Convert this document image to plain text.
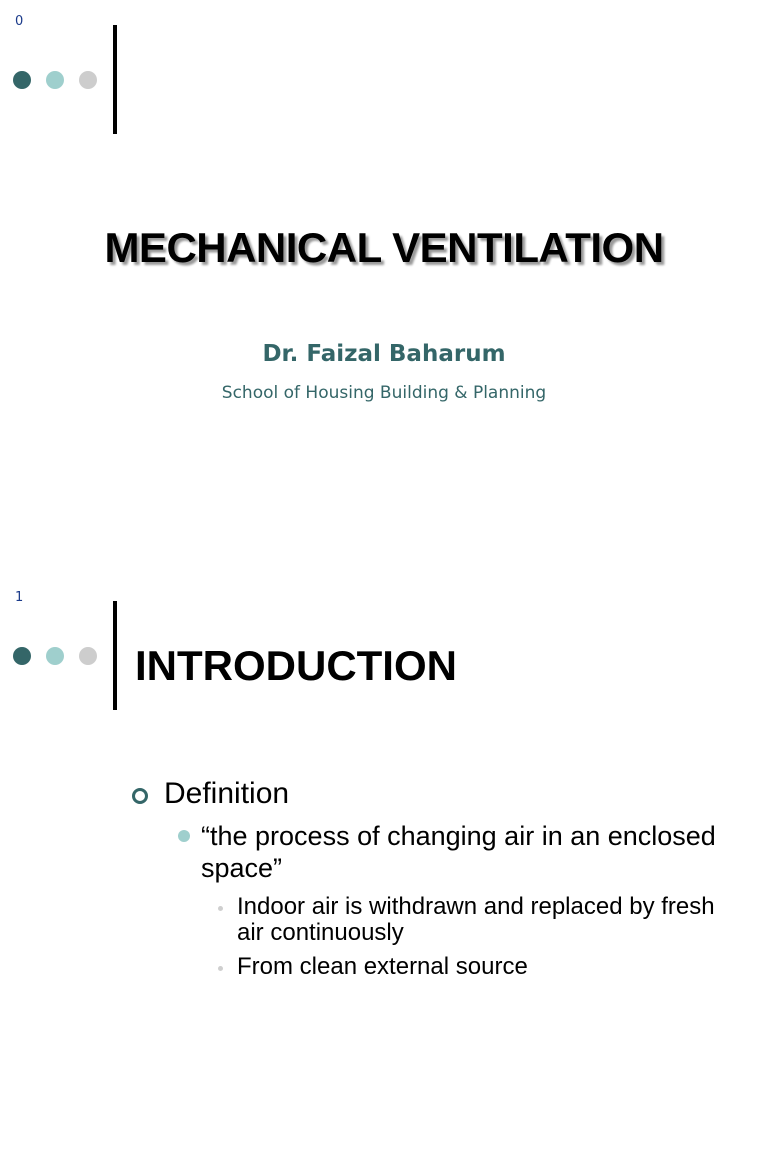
0
MECHANICAL VENTILATION
Dr. Faizal Baharum
School of Housing Building & Planning
1
INTRODUCTION
Definition
“the process of changing air in an enclosed space”
Indoor air is withdrawn and replaced by fresh air continuously
From clean external source
